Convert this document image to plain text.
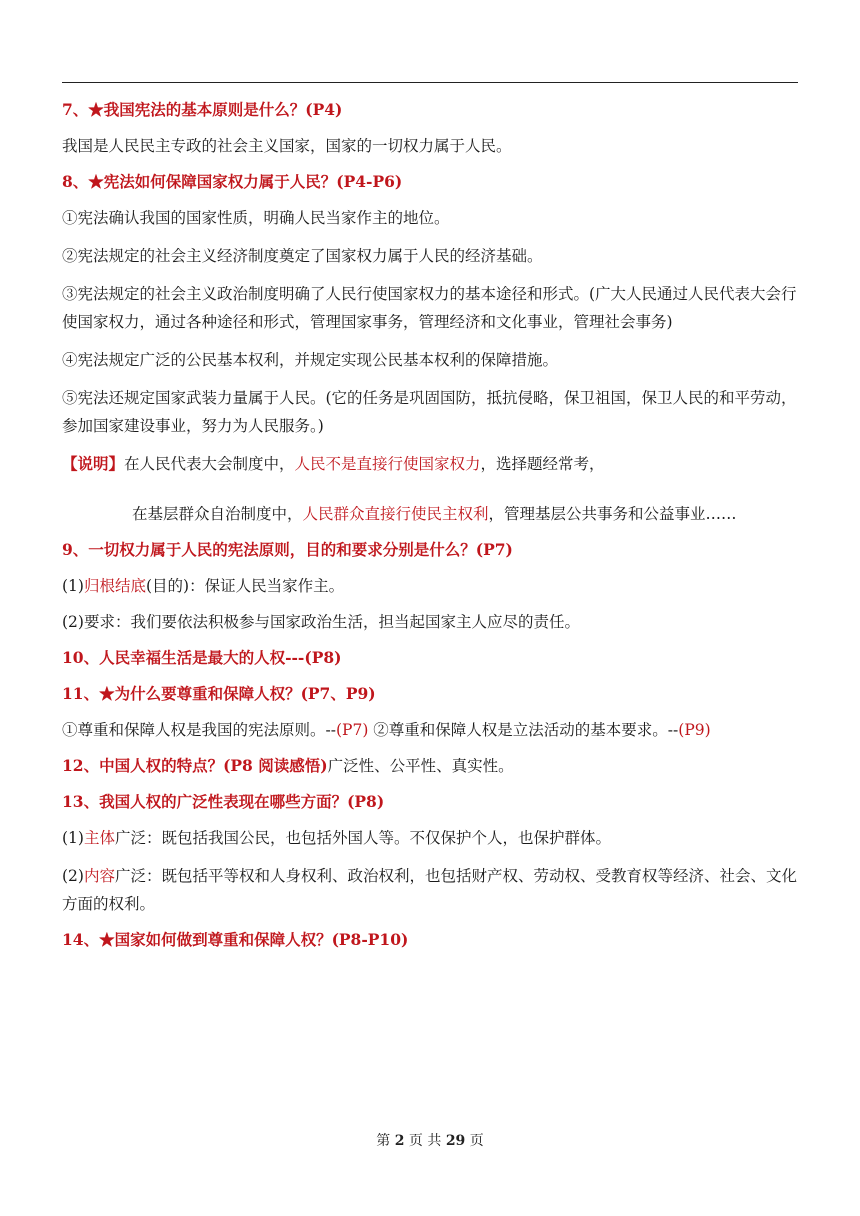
7、★我国宪法的基本原则是什么？(P4)

我国是人民民主专政的社会主义国家，国家的一切权力属于人民。

8、★宪法如何保障国家权力属于人民？(P4-P6)

①宪法确认我国的国家性质，明确人民当家作主的地位。

②宪法规定的社会主义经济制度奠定了国家权力属于人民的经济基础。

③宪法规定的社会主义政治制度明确了人民行使国家权力的基本途径和形式。(广大人民通过人民代表大会行使国家权力，通过各种途径和形式，管理国家事务，管理经济和文化事业，管理社会事务)

④宪法规定广泛的公民基本权利，并规定实现公民基本权利的保障措施。

⑤宪法还规定国家武装力量属于人民。(它的任务是巩固国防，抵抗侵略，保卫祖国，保卫人民的和平劳动，参加国家建设事业，努力为人民服务。)

【说明】在人民代表大会制度中，人民不是直接行使国家权力，选择题经常考，

在基层群众自治制度中，人民群众直接行使民主权利，管理基层公共事务和公益事业……

9、一切权力属于人民的宪法原则，目的和要求分别是什么？(P7)

(1)归根结底(目的)：保证人民当家作主。

(2)要求：我们要依法积极参与国家政治生活，担当起国家主人应尽的责任。

10、人民幸福生活是最大的人权---(P8)

11、★为什么要尊重和保障人权？(P7、P9)

①尊重和保障人权是我国的宪法原则。--(P7) ②尊重和保障人权是立法活动的基本要求。--(P9)

12、中国人权的特点？(P8 阅读感悟)广泛性、公平性、真实性。

13、我国人权的广泛性表现在哪些方面？(P8)

(1)主体广泛：既包括我国公民，也包括外国人等。不仅保护个人，也保护群体。

(2)内容广泛：既包括平等权和人身权利、政治权利，也包括财产权、劳动权、受教育权等经济、社会、文化方面的权利。

14、★国家如何做到尊重和保障人权？(P8-P10)

第 2 页 共 29 页
